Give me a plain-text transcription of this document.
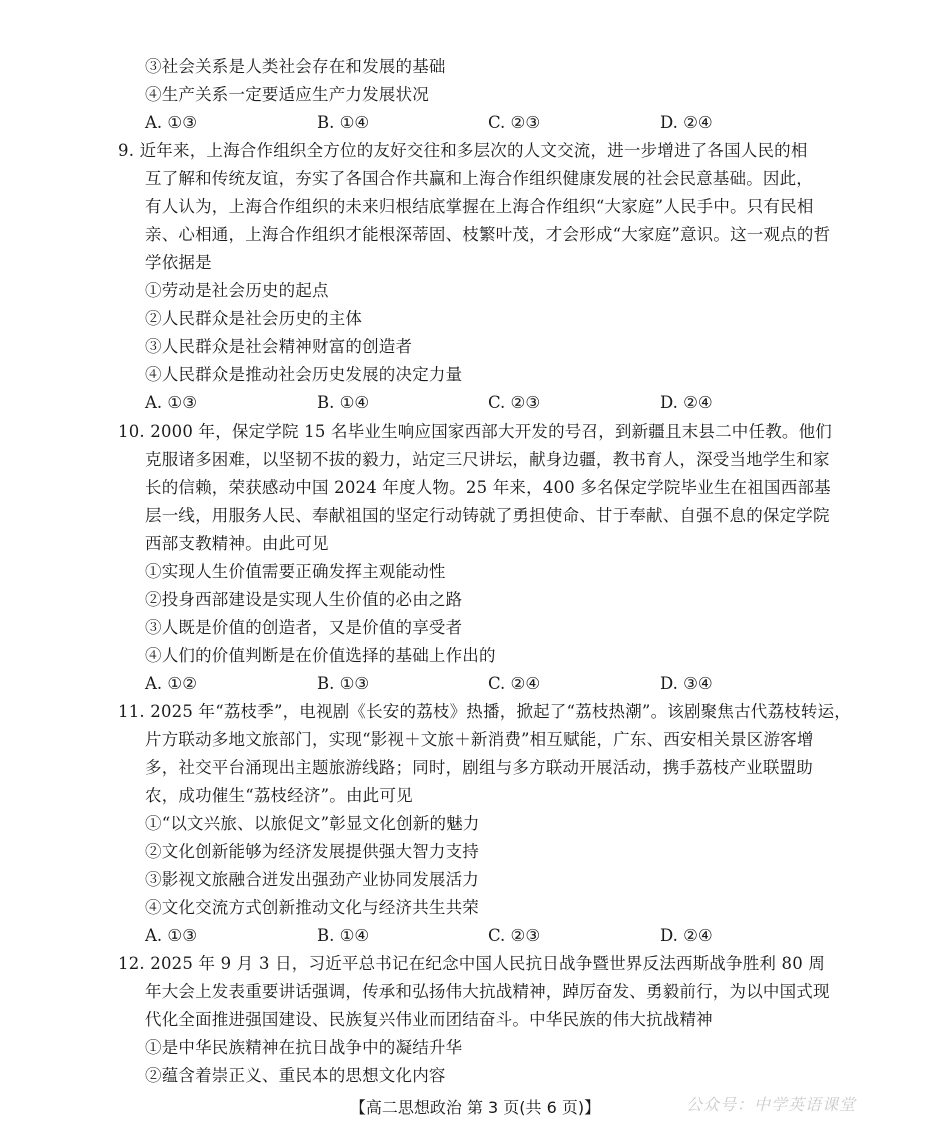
③社会关系是人类社会存在和发展的基础
④生产关系一定要适应生产力发展状况
A. ①③	B. ①④	C. ②③	D. ②④
9. 近年来，上海合作组织全方位的友好交往和多层次的人文交流，进一步增进了各国人民的相
互了解和传统友谊，夯实了各国合作共赢和上海合作组织健康发展的社会民意基础。因此，
有人认为，上海合作组织的未来归根结底掌握在上海合作组织“大家庭”人民手中。只有民相
亲、心相通，上海合作组织才能根深蒂固、枝繁叶茂，才会形成“大家庭”意识。这一观点的哲
学依据是
①劳动是社会历史的起点
②人民群众是社会历史的主体
③人民群众是社会精神财富的创造者
④人民群众是推动社会历史发展的决定力量
A. ①③	B. ①④	C. ②③	D. ②④
10. 2000 年，保定学院 15 名毕业生响应国家西部大开发的号召，到新疆且末县二中任教。他们
克服诸多困难，以坚韧不拔的毅力，站定三尺讲坛，献身边疆，教书育人，深受当地学生和家
长的信赖，荣获感动中国 2024 年度人物。25 年来，400 多名保定学院毕业生在祖国西部基
层一线，用服务人民、奉献祖国的坚定行动铸就了勇担使命、甘于奉献、自强不息的保定学院
西部支教精神。由此可见
①实现人生价值需要正确发挥主观能动性
②投身西部建设是实现人生价值的必由之路
③人既是价值的创造者，又是价值的享受者
④人们的价值判断是在价值选择的基础上作出的
A. ①②	B. ①③	C. ②④	D. ③④
11. 2025 年“荔枝季”，电视剧《长安的荔枝》热播，掀起了“荔枝热潮”。该剧聚焦古代荔枝转运，
片方联动多地文旅部门，实现“影视＋文旅＋新消费”相互赋能，广东、西安相关景区游客增
多，社交平台涌现出主题旅游线路；同时，剧组与多方联动开展活动，携手荔枝产业联盟助
农，成功催生“荔枝经济”。由此可见
①“以文兴旅、以旅促文”彰显文化创新的魅力
②文化创新能够为经济发展提供强大智力支持
③影视文旅融合迸发出强劲产业协同发展活力
④文化交流方式创新推动文化与经济共生共荣
A. ①③	B. ①④	C. ②③	D. ②④
12. 2025 年 9 月 3 日，习近平总书记在纪念中国人民抗日战争暨世界反法西斯战争胜利 80 周
年大会上发表重要讲话强调，传承和弘扬伟大抗战精神，踔厉奋发、勇毅前行，为以中国式现
代化全面推进强国建设、民族复兴伟业而团结奋斗。中华民族的伟大抗战精神
①是中华民族精神在抗日战争中的凝结升华
②蕴含着崇正义、重民本的思想文化内容
【高二思想政治 第 3 页(共 6 页)】	公众号：中学英语课堂
